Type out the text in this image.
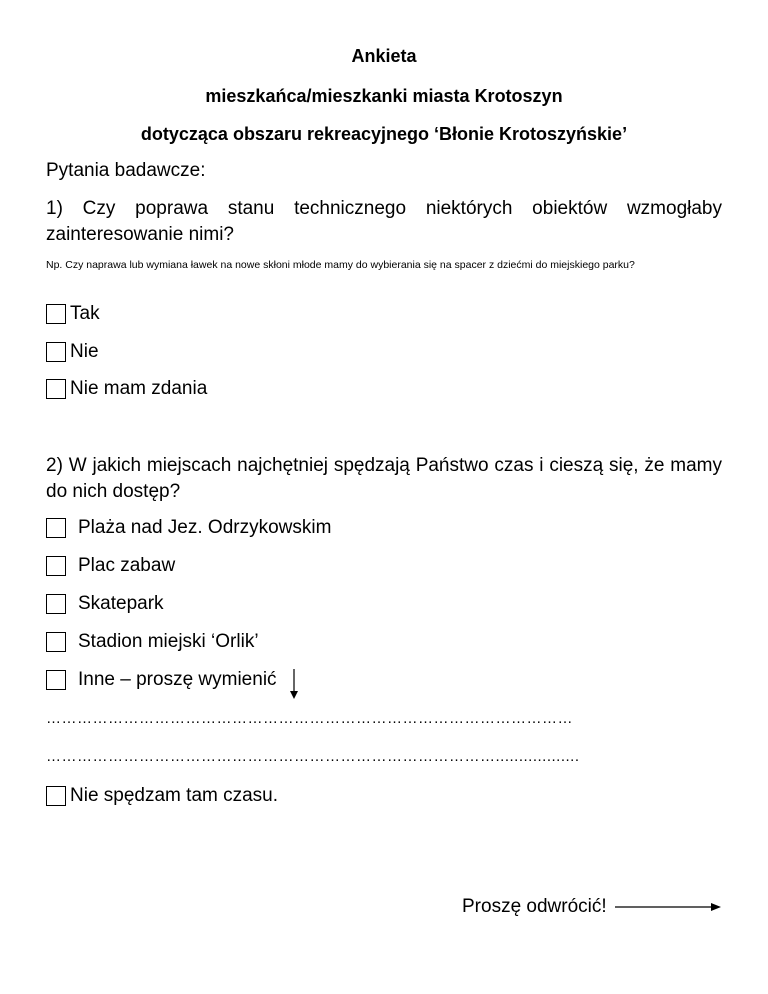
Ankieta
mieszkańca/mieszkanki miasta Krotoszyn
dotycząca obszaru rekreacyjnego ‘Błonie Krotoszyńskie’
Pytania badawcze:
1) Czy poprawa stanu technicznego niektórych obiektów wzmogłaby zainteresowanie nimi?
Np. Czy naprawa lub wymiana ławek na nowe skłoni młode mamy do wybierania się na spacer z dziećmi do miejskiego parku?
Tak
Nie
Nie mam zdania
2) W jakich miejscach najchętniej spędzają Państwo czas i cieszą się, że mamy do nich dostęp?
Plaża nad Jez. Odrzykowskim
Plac zabaw
Skatepark
Stadion miejski ‘Orlik’
Inne – proszę wymienić
…………………………………………………………………………………………
……………………………………………………………………………..................
Nie spędzam tam czasu.
Proszę odwrócić!
